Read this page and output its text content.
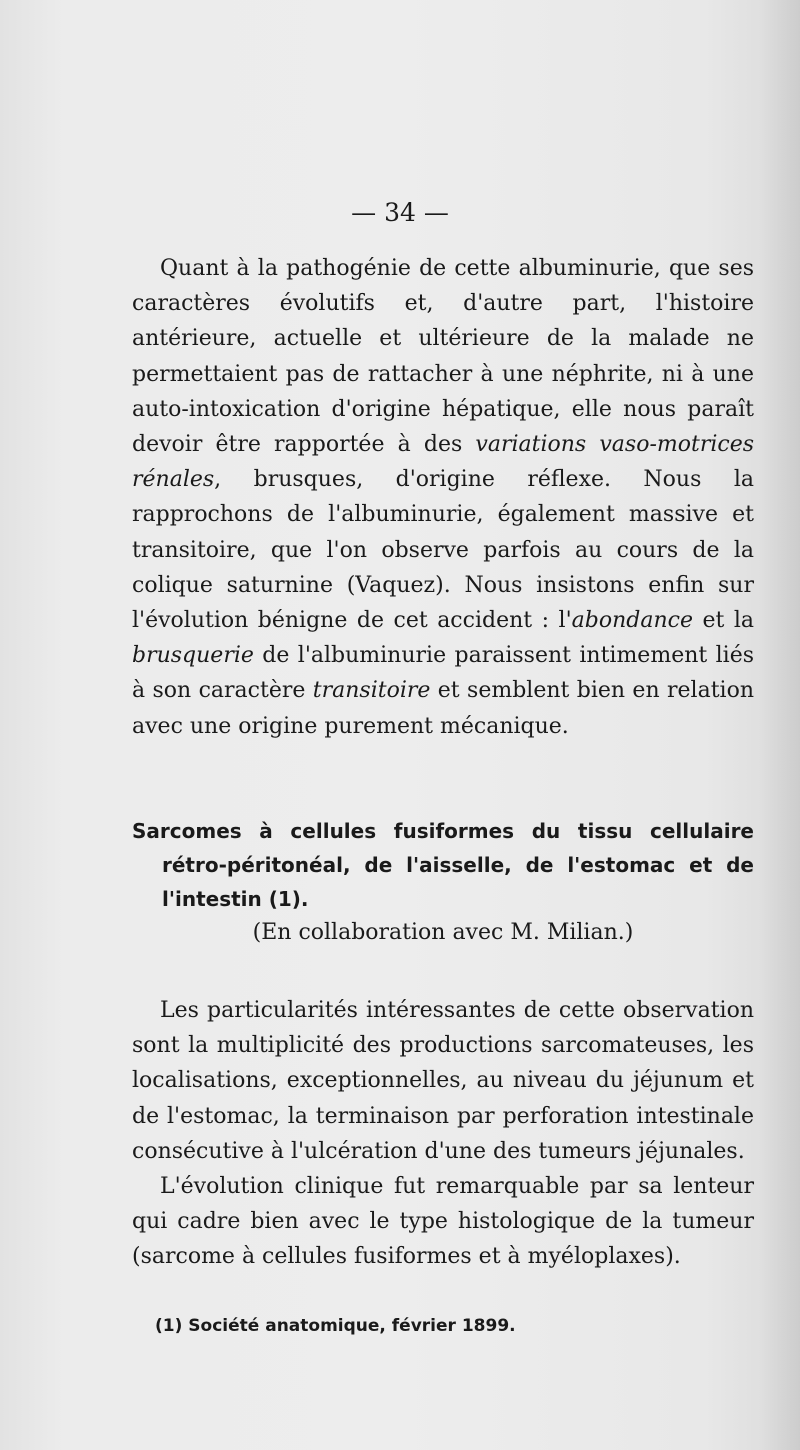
— 34 —

Quant à la pathogénie de cette albuminurie, que ses caractères évolutifs et, d'autre part, l'histoire antérieure, actuelle et ultérieure de la malade ne permettaient pas de rattacher à une néphrite, ni à une auto-intoxication d'origine hépatique, elle nous paraît devoir être rapportée à des variations vaso-motrices rénales, brusques, d'origine réflexe. Nous la rapprochons de l'albuminurie, également massive et transitoire, que l'on observe parfois au cours de la colique saturnine (Vaquez). Nous insistons enfin sur l'évolution bénigne de cet accident : l'abondance et la brusquerie de l'albuminurie paraissent intimement liés à son caractère transitoire et semblent bien en relation avec une origine purement mécanique.

Sarcomes à cellules fusiformes du tissu cellulaire rétro-péritonéal, de l'aisselle, de l'estomac et de l'intestin (1).
(En collaboration avec M. Milian.)

Les particularités intéressantes de cette observation sont la multiplicité des productions sarcomateuses, les localisations, exceptionnelles, au niveau du jéjunum et de l'estomac, la terminaison par perforation intestinale consécutive à l'ulcération d'une des tumeurs jéjunales.

L'évolution clinique fut remarquable par sa lenteur qui cadre bien avec le type histologique de la tumeur (sarcome à cellules fusiformes et à myéloplaxes).

(1) Société anatomique, février 1899.
